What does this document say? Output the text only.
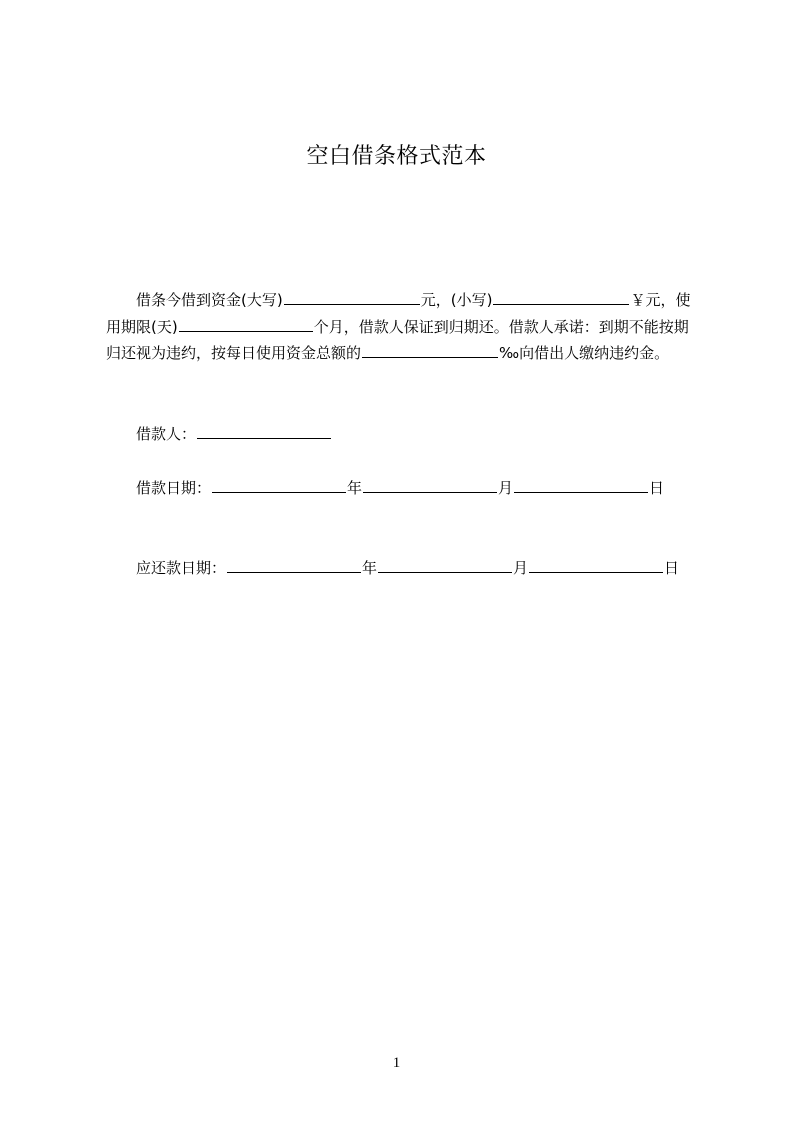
空白借条格式范本
借条今借到资金(大写)	元，(小写)	￥元，使用期限(天)	个月，借款人保证到归期还。借款人承诺：到期不能按期归还视为违约，按每日使用资金总额的	‰向借出人缴纳违约金。
借款人：
借款日期：	年	月	日
应还款日期：	年	月	日
1
